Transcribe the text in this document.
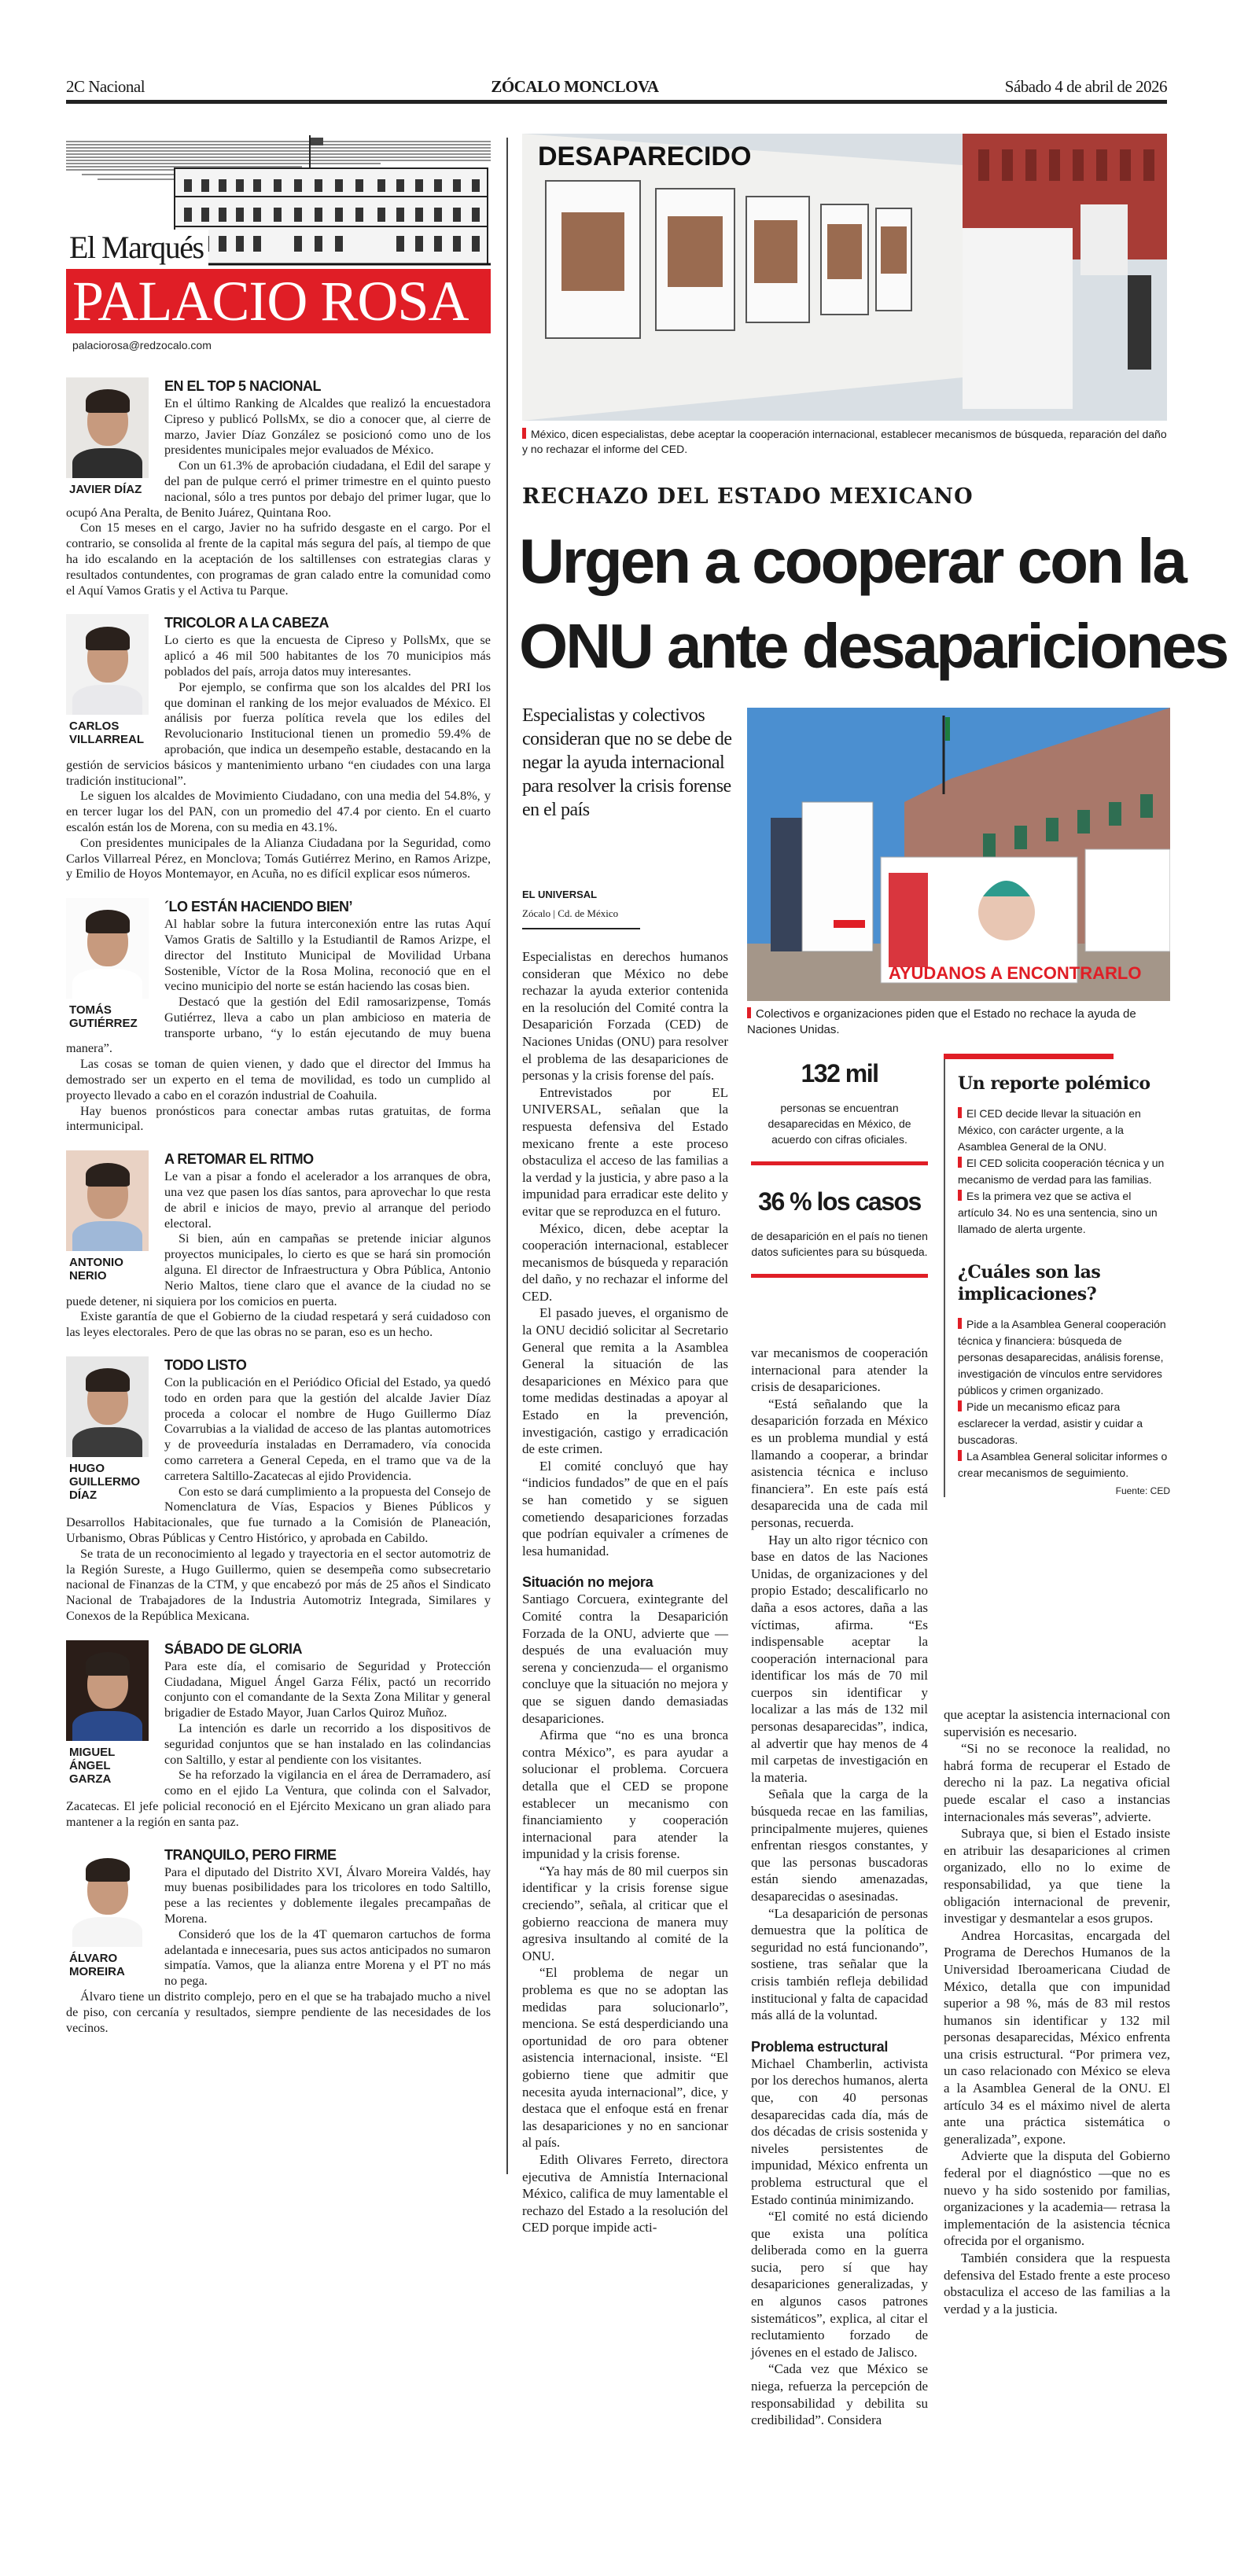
2C Nacional	ZÓCALO MONCLOVA	Sábado 4 de abril de 2026
El Marqués
PALACIO ROSA
palaciorosa@redzocalo.com
JAVIER DÍAZ
EN EL TOP 5 NACIONAL

En el último Ranking de Alcaldes que realizó la encuestadora Cipreso y publicó PollsMx, se dio a conocer que, al cierre de marzo, Javier Díaz González se posicionó como uno de los presidentes municipales mejor evaluados de México.

Con un 61.3% de aprobación ciudadana, el Edil del sarape y del pan de pulque cerró el primer trimestre en el quinto puesto nacional, sólo a tres puntos por debajo del primer lugar, que lo ocupó Ana Peralta, de Benito Juárez, Quintana Roo.

Con 15 meses en el cargo, Javier no ha sufrido desgaste en el cargo. Por el contrario, se consolida al frente de la capital más segura del país, al tiempo de que ha ido escalando en la aceptación de los saltillenses con estrategias claras y resultados contundentes, con programas de gran calado entre la comunidad como el Aquí Vamos Gratis y el Activa tu Parque.

CARLOS VILLARREAL
TRICOLOR A LA CABEZA

Lo cierto es que la encuesta de Cipreso y PollsMx, que se aplicó a 46 mil 500 habitantes de los 70 municipios más poblados del país, arroja datos muy interesantes.

Por ejemplo, se confirma que son los alcaldes del PRI los que dominan el ranking de los mejor evaluados de México. El análisis por fuerza política revela que los ediles del Revolucionario Institucional tienen un promedio 59.4% de aprobación, que indica un desempeño estable, destacando en la gestión de servicios básicos y mantenimiento urbano “en ciudades con una larga tradición institucional”.

Le siguen los alcaldes de Movimiento Ciudadano, con una media del 54.8%, y en tercer lugar los del PAN, con un promedio del 47.4 por ciento. En el cuarto escalón están los de Morena, con su media en 43.1%.

Con presidentes municipales de la Alianza Ciudadana por la Seguridad, como Carlos Villarreal Pérez, en Monclova; Tomás Gutiérrez Merino, en Ramos Arizpe, y Emilio de Hoyos Montemayor, en Acuña, no es difícil explicar esos números.

TOMÁS GUTIÉRREZ
´LO ESTÁN HACIENDO BIEN’

Al hablar sobre la futura interconexión entre las rutas Aquí Vamos Gratis de Saltillo y la Estudiantil de Ramos Arizpe, el director del Instituto Municipal de Movilidad Urbana Sostenible, Víctor de la Rosa Molina, reconoció que en el vecino municipio del norte se están haciendo las cosas bien.

Destacó que la gestión del Edil ramosarizpense, Tomás Gutiérrez, lleva a cabo un plan ambicioso en materia de transporte urbano, “y lo están ejecutando de muy buena manera”.

Las cosas se toman de quien vienen, y dado que el director del Immus ha demostrado ser un experto en el tema de movilidad, es todo un cumplido al proyecto llevado a cabo en el corazón industrial de Coahuila.

Hay buenos pronósticos para conectar ambas rutas gratuitas, de forma intermunicipal.

ANTONIO NERIO
A RETOMAR EL RITMO

Le van a pisar a fondo el acelerador a los arranques de obra, una vez que pasen los días santos, para aprovechar lo que resta de abril e inicios de mayo, previo al arranque del periodo electoral.

Si bien, aún en campañas se pretende iniciar algunos proyectos municipales, lo cierto es que se hará sin promoción alguna. El director de Infraestructura y Obra Pública, Antonio Nerio Maltos, tiene claro que el avance de la ciudad no se puede detener, ni siquiera por los comicios en puerta.

Existe garantía de que el Gobierno de la ciudad respetará y será cuidadoso con las leyes electorales. Pero de que las obras no se paran, eso es un hecho.

HUGO GUILLERMO DÍAZ
TODO LISTO

Con la publicación en el Periódico Oficial del Estado, ya quedó todo en orden para que la gestión del alcalde Javier Díaz proceda a colocar el nombre de Hugo Guillermo Díaz Covarrubias a la vialidad de acceso de las plantas automotrices y de proveeduría instaladas en Derramadero, vía conocida como carretera a General Cepeda, en el tramo que va de la carretera Saltillo-Zacatecas al ejido Providencia.

Con esto se dará cumplimiento a la propuesta del Consejo de Nomenclatura de Vías, Espacios y Bienes Públicos y Desarrollos Habitacionales, que fue turnado a la Comisión de Planeación, Urbanismo, Obras Públicas y Centro Histórico, y aprobada en Cabildo.

Se trata de un reconocimiento al legado y trayectoria en el sector automotriz de la Región Sureste, a Hugo Guillermo, quien se desempeña como subsecretario nacional de Finanzas de la CTM, y que encabezó por más de 25 años el Sindicato Nacional de Trabajadores de la Industria Automotriz Integrada, Similares y Conexos de la República Mexicana.

MIGUEL ÁNGEL GARZA
SÁBADO DE GLORIA

Para este día, el comisario de Seguridad y Protección Ciudadana, Miguel Ángel Garza Félix, pactó un recorrido conjunto con el comandante de la Sexta Zona Militar y general brigadier de Estado Mayor, Juan Carlos Quiroz Muñoz.

La intención es darle un recorrido a los dispositivos de seguridad conjuntos que se han instalado en las colindancias con Saltillo, y estar al pendiente con los visitantes.

Se ha reforzado la vigilancia en el área de Derramadero, así como en el ejido La Ventura, que colinda con el Salvador, Zacatecas. El jefe policial reconoció en el Ejército Mexicano un gran aliado para mantener a la región en santa paz.

ÁLVARO MOREIRA
TRANQUILO, PERO FIRME

Para el diputado del Distrito XVI, Álvaro Moreira Valdés, hay muy buenas posibilidades para los tricolores en todo Saltillo, pese a las recientes y doblemente ilegales precampañas de Morena.

Consideró que los de la 4T quemaron cartuchos de forma adelantada e innecesaria, pues sus actos anticipados no sumaron simpatía. Vamos, que la alianza entre Morena y el PT no más no pega.

Álvaro tiene un distrito complejo, pero en el que se ha trabajado mucho a nivel de piso, con cercanía y resultados, siempre pendiente de las necesidades de los vecinos.

DESAPARECIDO
México, dicen especialistas, debe aceptar la cooperación internacional, establecer mecanismos de búsqueda, reparación del daño y no rechazar el informe del CED.
RECHAZO DEL ESTADO MEXICANO
Urgen a cooperar con la
ONU ante desapariciones
Especialistas y colectivos consideran que no se debe de negar la ayuda internacional para resolver la crisis forense en el país
EL UNIVERSAL
Zócalo | Cd. de México
AYUDANOS A ENCONTRARLO
Colectivos e organizaciones piden que el Estado no rechace la ayuda de Naciones Unidas.

Especialistas en derechos humanos consideran que México no debe rechazar la ayuda exterior contenida en la resolución del Comité contra la Desaparición Forzada (CED) de Naciones Unidas (ONU) para resolver el problema de las desapariciones de personas y la crisis forense del país.

Entrevistados por EL UNIVERSAL, señalan que la respuesta defensiva del Estado mexicano frente a este proceso obstaculiza el acceso de las familias a la verdad y la justicia, y abre paso a la impunidad para erradicar este delito y evitar que se reproduzca en el futuro.

México, dicen, debe aceptar la cooperación internacional, establecer mecanismos de búsqueda y reparación del daño, y no rechazar el informe del CED.

El pasado jueves, el organismo de la ONU decidió solicitar al Secretario General que remita a la Asamblea General la situación de las desapariciones en México para que tome medidas destinadas a apoyar al Estado en la prevención, investigación, castigo y erradicación de este crimen.

El comité concluyó que hay “indicios fundados” de que en el país se han cometido y se siguen cometiendo desapariciones forzadas que podrían equivaler a crímenes de lesa humanidad.

Situación no mejora

Santiago Corcuera, exintegrante del Comité contra la Desaparición Forzada de la ONU, advierte que —después de una evaluación muy serena y concienzuda— el organismo concluye que la situación no mejora y que se siguen dando demasiadas desapariciones.

Afirma que “no es una bronca contra México”, es para ayudar a solucionar el problema. Corcuera detalla que el CED se propone establecer un mecanismo con financiamiento y cooperación internacional para atender la impunidad y la crisis forense.

“Ya hay más de 80 mil cuerpos sin identificar y la crisis forense sigue creciendo”, señala, al criticar que el gobierno reacciona de manera muy agresiva insultando al comité de la ONU.

“El problema de negar un problema es que no se adoptan las medidas para solucionarlo”, menciona. Se está desperdiciando una oportunidad de oro para obtener asistencia internacional, insiste. “El gobierno tiene que admitir que necesita ayuda internacional”, dice, y destaca que el enfoque está en frenar las desapariciones y no en sancionar al país.

Edith Olivares Ferreto, directora ejecutiva de Amnistía Internacional México, califica de muy lamentable el rechazo del Estado a la resolución del CED porque impide acti-

132 mil
personas se encuentran desaparecidas en México, de acuerdo con cifras oficiales.
36 % los casos
de desaparición en el país no tienen datos suficientes para su búsqueda.

var mecanismos de cooperación internacional para atender la crisis de desapariciones.

“Está señalando que la desaparición forzada en México es un problema mundial y está llamando a cooperar, a brindar asistencia técnica e incluso financiera”. En este país está desaparecida una de cada mil personas, recuerda.

Hay un alto rigor técnico con base en datos de las Naciones Unidas, de organizaciones y del propio Estado; descalificarlo no daña a esos actores, daña a las víctimas, afirma. “Es indispensable aceptar la cooperación internacional para identificar los más de 70 mil cuerpos sin identificar y localizar a las más de 132 mil personas desaparecidas”, indica, al advertir que hay menos de 4 mil carpetas de investigación en la materia.

Señala que la carga de la búsqueda recae en las familias, principalmente mujeres, quienes enfrentan riesgos constantes, y que las personas buscadoras están siendo amenazadas, desaparecidas o asesinadas.

“La desaparición de personas demuestra que la política de seguridad no está funcionando”, sostiene, tras señalar que la crisis también refleja debilidad institucional y falta de capacidad más allá de la voluntad.

Problema estructural

Michael Chamberlin, activista por los derechos humanos, alerta que, con 40 personas desaparecidas cada día, más de dos décadas de crisis sostenida y niveles persistentes de impunidad, México enfrenta un problema estructural que el Estado continúa minimizando.

“El comité no está diciendo que exista una política deliberada como en la guerra sucia, pero sí que hay desapariciones generalizadas, y en algunos casos patrones sistemáticos”, explica, al citar el reclutamiento forzado de jóvenes en el estado de Jalisco.

“Cada vez que México se niega, refuerza la percepción de responsabilidad y debilita su credibilidad”. Considera

Un reporte polémico
El CED decide llevar la situación en México, con carácter urgente, a la Asamblea General de la ONU.
El CED solicita cooperación técnica y un mecanismo de verdad para las familias.
Es la primera vez que se activa el artículo 34. No es una sentencia, sino un llamado de alerta urgente.
¿Cuáles son las implicaciones?
Pide a la Asamblea General cooperación técnica y financiera: búsqueda de personas desaparecidas, análisis forense, investigación de vínculos entre servidores públicos y crimen organizado.
Pide un mecanismo eficaz para esclarecer la verdad, asistir y cuidar a buscadoras.
La Asamblea General solicitar informes o crear mecanismos de seguimiento.
Fuente: CED

que aceptar la asistencia internacional con supervisión es necesario.

“Si no se reconoce la realidad, no habrá forma de recuperar el Estado de derecho ni la paz. La negativa oficial puede escalar el caso a instancias internacionales más severas”, advierte.

Subraya que, si bien el Estado insiste en atribuir las desapariciones al crimen organizado, ello no lo exime de responsabilidad, ya que tiene la obligación internacional de prevenir, investigar y desmantelar a esos grupos.

Andrea Horcasitas, encargada del Programa de Derechos Humanos de la Universidad Iberoamericana Ciudad de México, detalla que con impunidad superior a 98 %, más de 83 mil restos humanos sin identificar y 132 mil personas desaparecidas, México enfrenta una crisis estructural. “Por primera vez, un caso relacionado con México se eleva a la Asamblea General de la ONU. El artículo 34 es el máximo nivel de alerta ante una práctica sistemática o generalizada”, expone.

Advierte que la disputa del Gobierno federal por el diagnóstico —que no es nuevo y ha sido sostenido por familias, organizaciones y la academia— retrasa la implementación de la asistencia técnica ofrecida por el organismo.

También considera que la respuesta defensiva del Estado frente a este proceso obstaculiza el acceso de las familias a la verdad y a la justicia.
